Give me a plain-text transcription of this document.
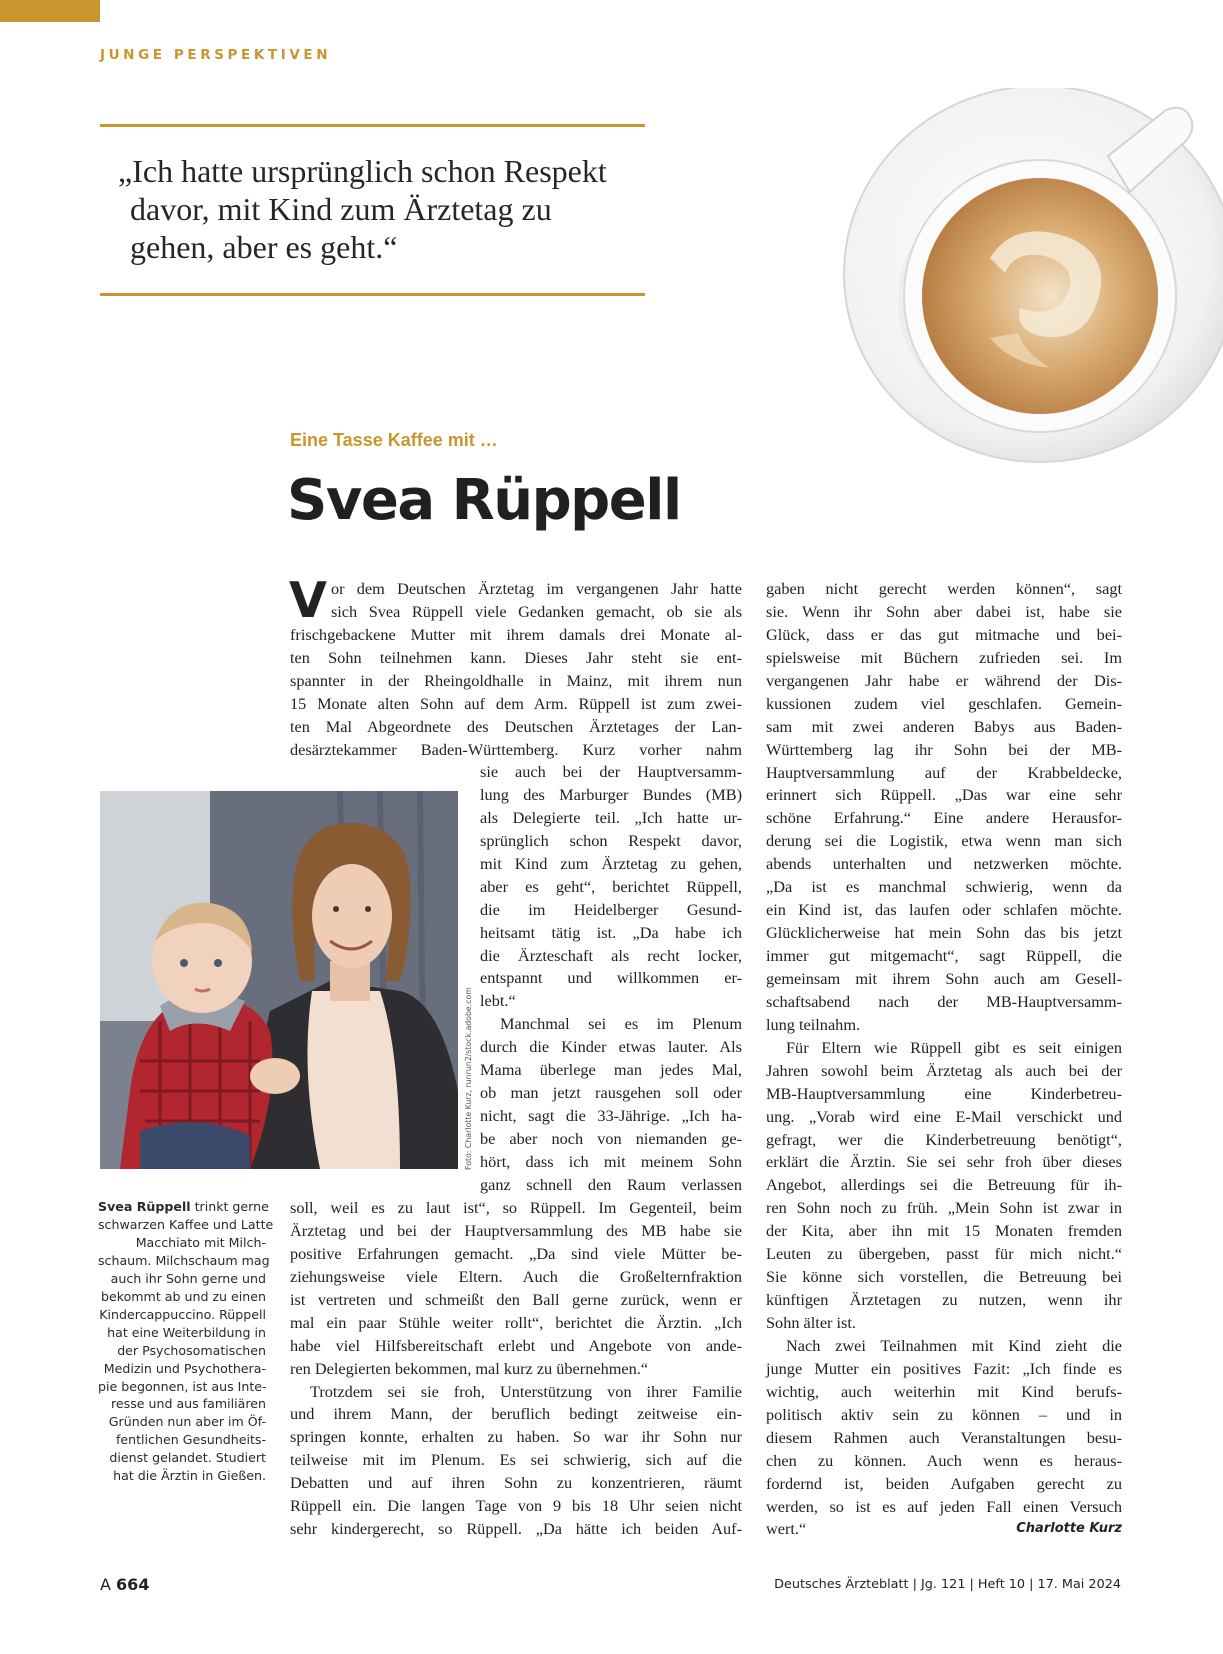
JUNGE PERSPEKTIVEN
„Ich hatte ursprünglich schon Respekt
davor, mit Kind zum Ärztetag zu
gehen, aber es geht.“
Eine Tasse Kaffee mit …
Svea Rüppell
Foto: Charlotte Kurz, runrun2/stock.adobe.com
Svea Rüppell trinkt gerne
schwarzen Kaffee und Latte
Macchiato mit Milch-
schaum. Milchschaum mag
auch ihr Sohn gerne und
bekommt ab und zu einen
Kindercappuccino. Rüppell
hat eine Weiterbildung in
der Psychosomatischen
Medizin und Psychothera-
pie begonnen, ist aus Inte-
resse und aus familiären
Gründen nun aber im Öf-
fentlichen Gesundheits-
dienst gelandet. Studiert
hat die Ärztin in Gießen.
V or dem Deutschen Ärztetag im vergangenen Jahr hatte
sich Svea Rüppell viele Gedanken gemacht, ob sie als
frischgebackene Mutter mit ihrem damals drei Monate al-
ten Sohn teilnehmen kann. Dieses Jahr steht sie ent-
spannter in der Rheingoldhalle in Mainz, mit ihrem nun
15 Monate alten Sohn auf dem Arm. Rüppell ist zum zwei-
ten Mal Abgeordnete des Deutschen Ärztetages der Lan-
desärztekammer Baden-Württemberg. Kurz vorher nahm
sie auch bei der Hauptversamm-
lung des Marburger Bundes (MB)
als Delegierte teil. „Ich hatte ur-
sprünglich schon Respekt davor,
mit Kind zum Ärztetag zu gehen,
aber es geht“, berichtet Rüppell,
die im Heidelberger Gesund-
heitsamt tätig ist. „Da habe ich
die Ärzteschaft als recht locker,
entspannt und willkommen er-
lebt.“
Manchmal sei es im Plenum
durch die Kinder etwas lauter. Als
Mama überlege man jedes Mal,
ob man jetzt rausgehen soll oder
nicht, sagt die 33-Jährige. „Ich ha-
be aber noch von niemanden ge-
hört, dass ich mit meinem Sohn
ganz schnell den Raum verlassen
soll, weil es zu laut ist“, so Rüppell. Im Gegenteil, beim
Ärztetag und bei der Hauptversammlung des MB habe sie
positive Erfahrungen gemacht. „Da sind viele Mütter be-
ziehungsweise viele Eltern. Auch die Großelternfraktion
ist vertreten und schmeißt den Ball gerne zurück, wenn er
mal ein paar Stühle weiter rollt“, berichtet die Ärztin. „Ich
habe viel Hilfsbereitschaft erlebt und Angebote von ande-
ren Delegierten bekommen, mal kurz zu übernehmen.“
Trotzdem sei sie froh, Unterstützung von ihrer Familie
und ihrem Mann, der beruflich bedingt zeitweise ein-
springen konnte, erhalten zu haben. So war ihr Sohn nur
teilweise mit im Plenum. Es sei schwierig, sich auf die
Debatten und auf ihren Sohn zu konzentrieren, räumt
Rüppell ein. Die langen Tage von 9 bis 18 Uhr seien nicht
sehr kindergerecht, so Rüppell. „Da hätte ich beiden Auf-
gaben nicht gerecht werden können“, sagt
sie. Wenn ihr Sohn aber dabei ist, habe sie
Glück, dass er das gut mitmache und bei-
spielsweise mit Büchern zufrieden sei. Im
vergangenen Jahr habe er während der Dis-
kussionen zudem viel geschlafen. Gemein-
sam mit zwei anderen Babys aus Baden-
Württemberg lag ihr Sohn bei der MB-
Hauptversammlung auf der Krabbeldecke,
erinnert sich Rüppell. „Das war eine sehr
schöne Erfahrung.“ Eine andere Herausfor-
derung sei die Logistik, etwa wenn man sich
abends unterhalten und netzwerken möchte.
„Da ist es manchmal schwierig, wenn da
ein Kind ist, das laufen oder schlafen möchte.
Glücklicherweise hat mein Sohn das bis jetzt
immer gut mitgemacht“, sagt Rüppell, die
gemeinsam mit ihrem Sohn auch am Gesell-
schaftsabend nach der MB-Hauptversamm-
lung teilnahm.
Für Eltern wie Rüppell gibt es seit einigen
Jahren sowohl beim Ärztetag als auch bei der
MB-Hauptversammlung eine Kinderbetreu-
ung. „Vorab wird eine E-Mail verschickt und
gefragt, wer die Kinderbetreuung benötigt“,
erklärt die Ärztin. Sie sei sehr froh über dieses
Angebot, allerdings sei die Betreuung für ih-
ren Sohn noch zu früh. „Mein Sohn ist zwar in
der Kita, aber ihn mit 15 Monaten fremden
Leuten zu übergeben, passt für mich nicht.“
Sie könne sich vorstellen, die Betreuung bei
künftigen Ärztetagen zu nutzen, wenn ihr
Sohn älter ist.
Nach zwei Teilnahmen mit Kind zieht die
junge Mutter ein positives Fazit: „Ich finde es
wichtig, auch weiterhin mit Kind berufs-
politisch aktiv sein zu können – und in
diesem Rahmen auch Veranstaltungen besu-
chen zu können. Auch wenn es heraus-
fordernd ist, beiden Aufgaben gerecht zu
werden, so ist es auf jeden Fall einen Versuch
wert.“	Charlotte Kurz
A 664	Deutsches Ärzteblatt | Jg. 121 | Heft 10 | 17. Mai 2024
